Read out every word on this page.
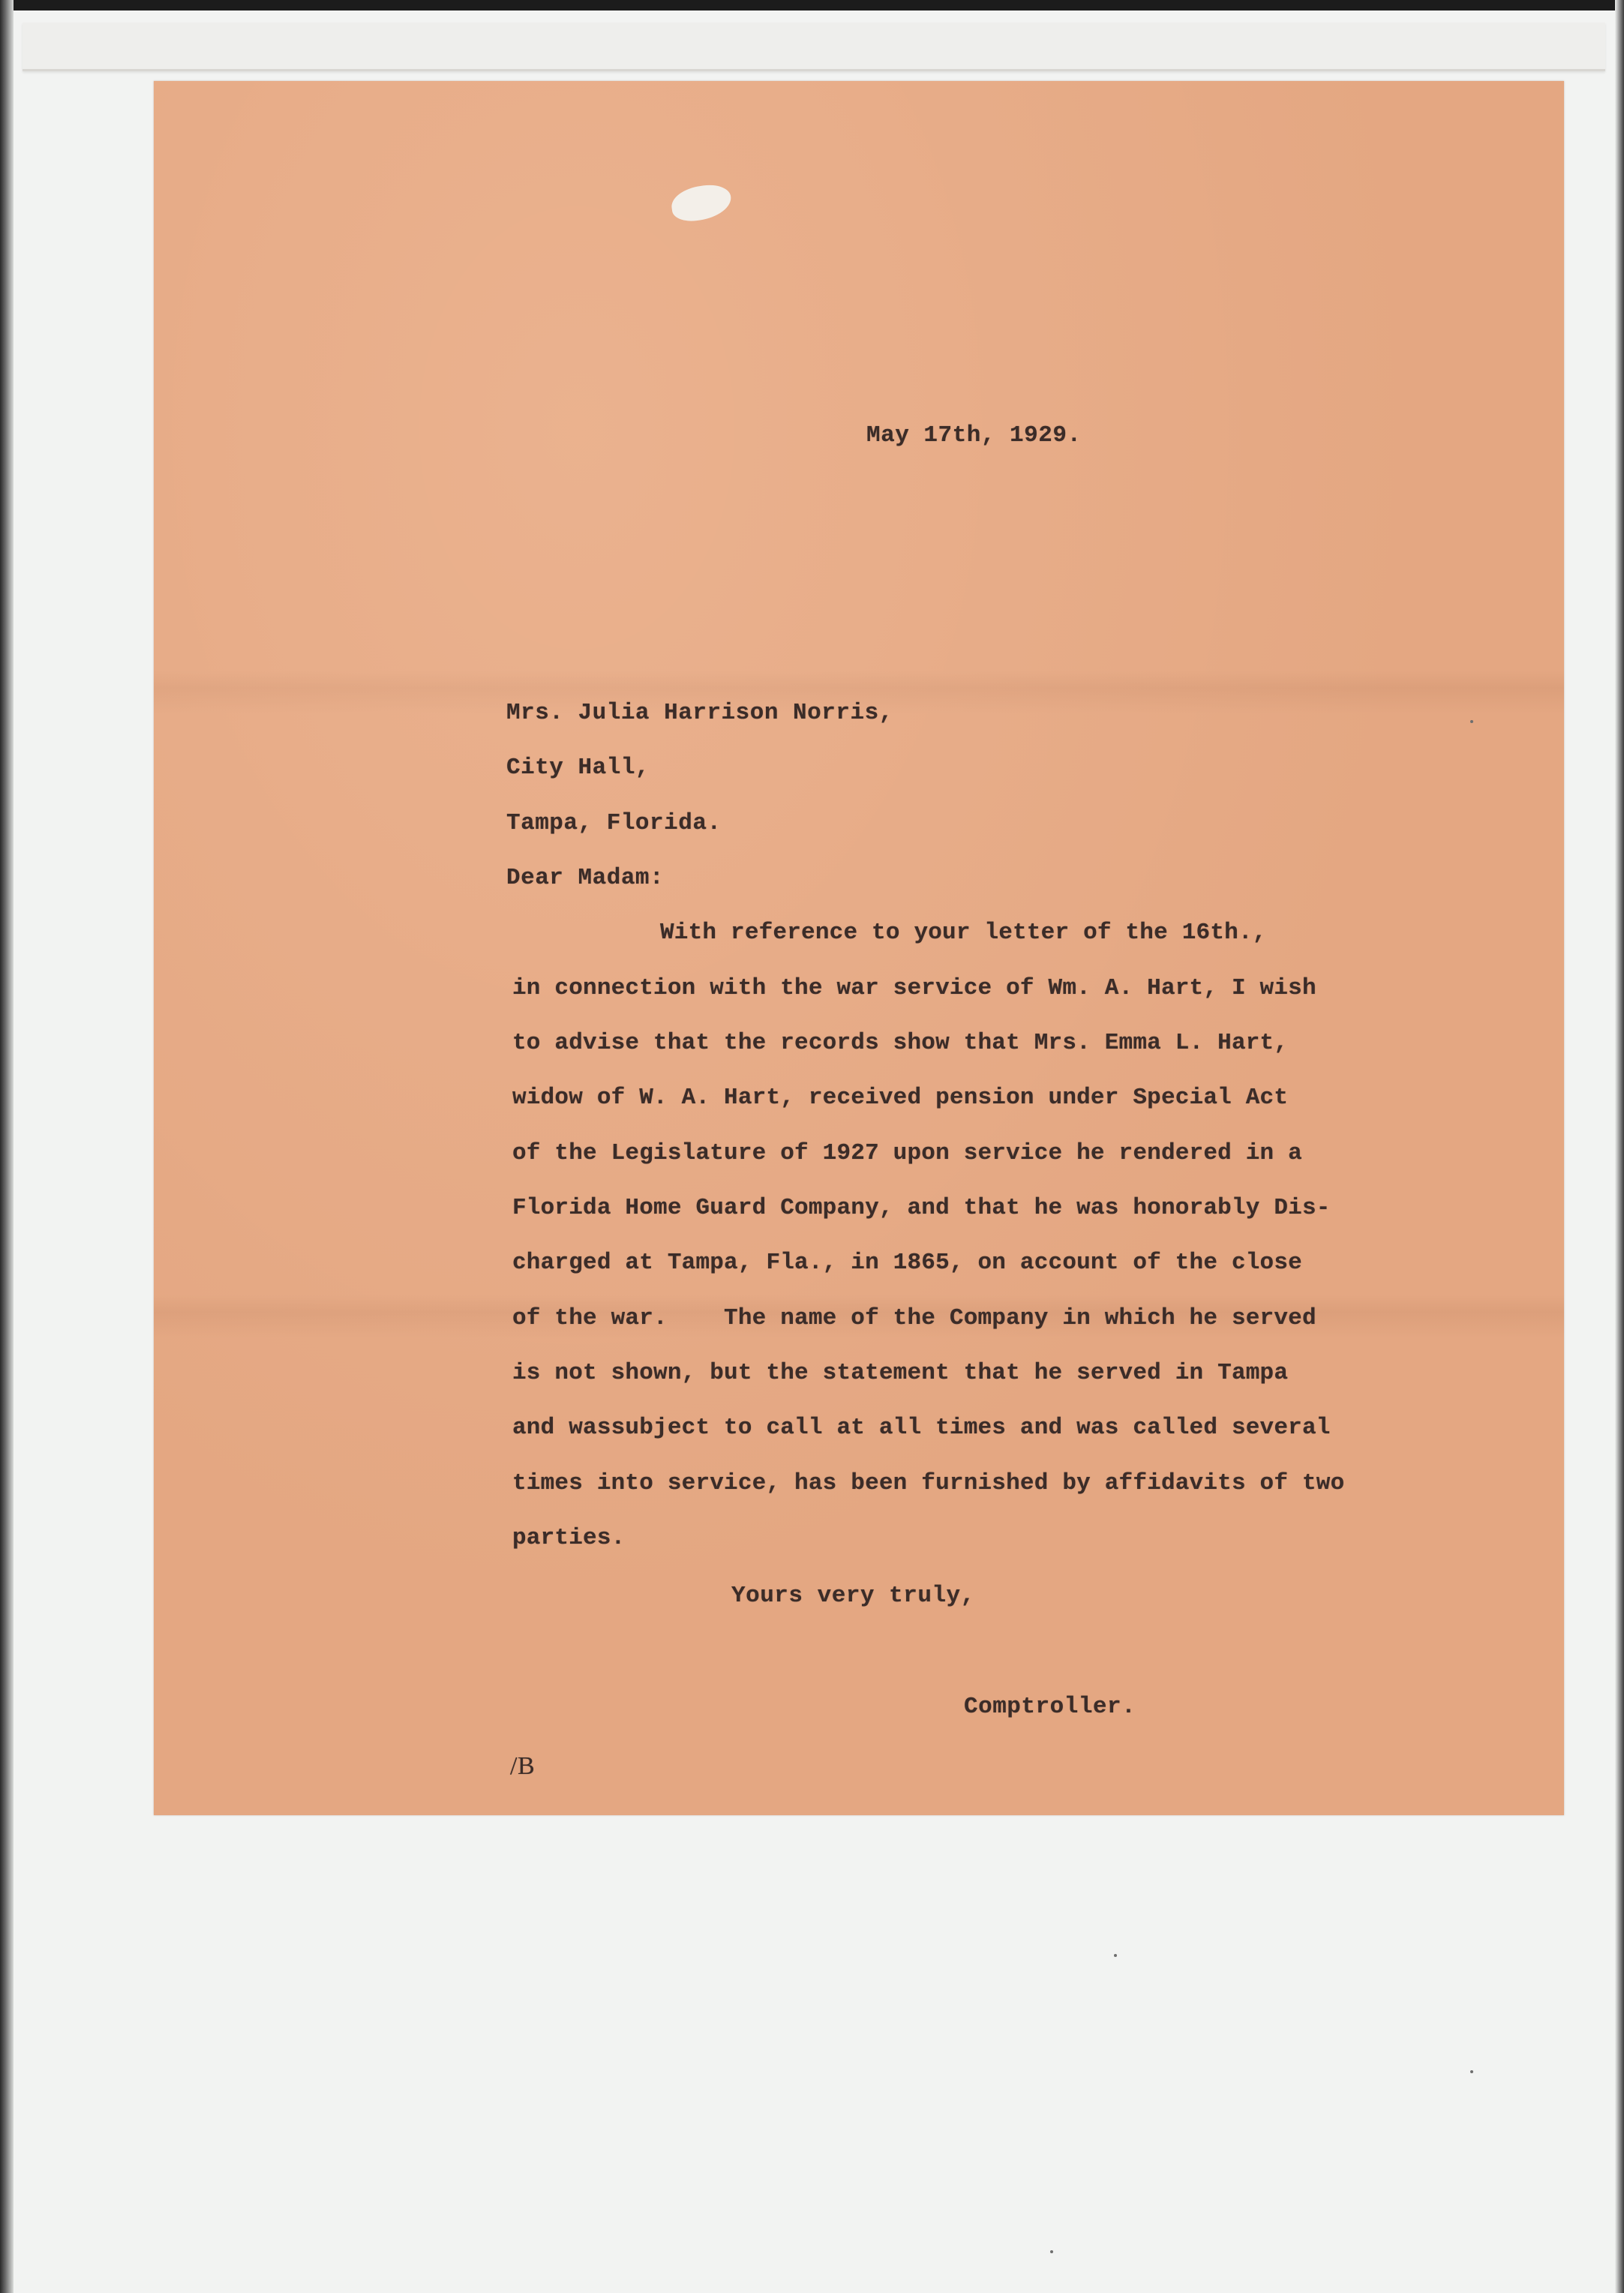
May 17th, 1929.
Mrs. Julia Harrison Norris,
City Hall,
Tampa, Florida.
Dear Madam:
With reference to your letter of the 16th.,
in connection with the war service of Wm. A. Hart, I wish
to advise that the records show that Mrs. Emma L. Hart,
widow of W. A. Hart, received pension under Special Act
of the Legislature of 1927 upon service he rendered in a
Florida Home Guard Company, and that he was honorably Dis-
charged at Tampa, Fla., in 1865, on account of the close
of the war.    The name of the Company in which he served
is not shown, but the statement that he served in Tampa
and wassubject to call at all times and was called several
times into service, has been furnished by affidavits of two
parties.
Yours very truly,
Comptroller.
/B
